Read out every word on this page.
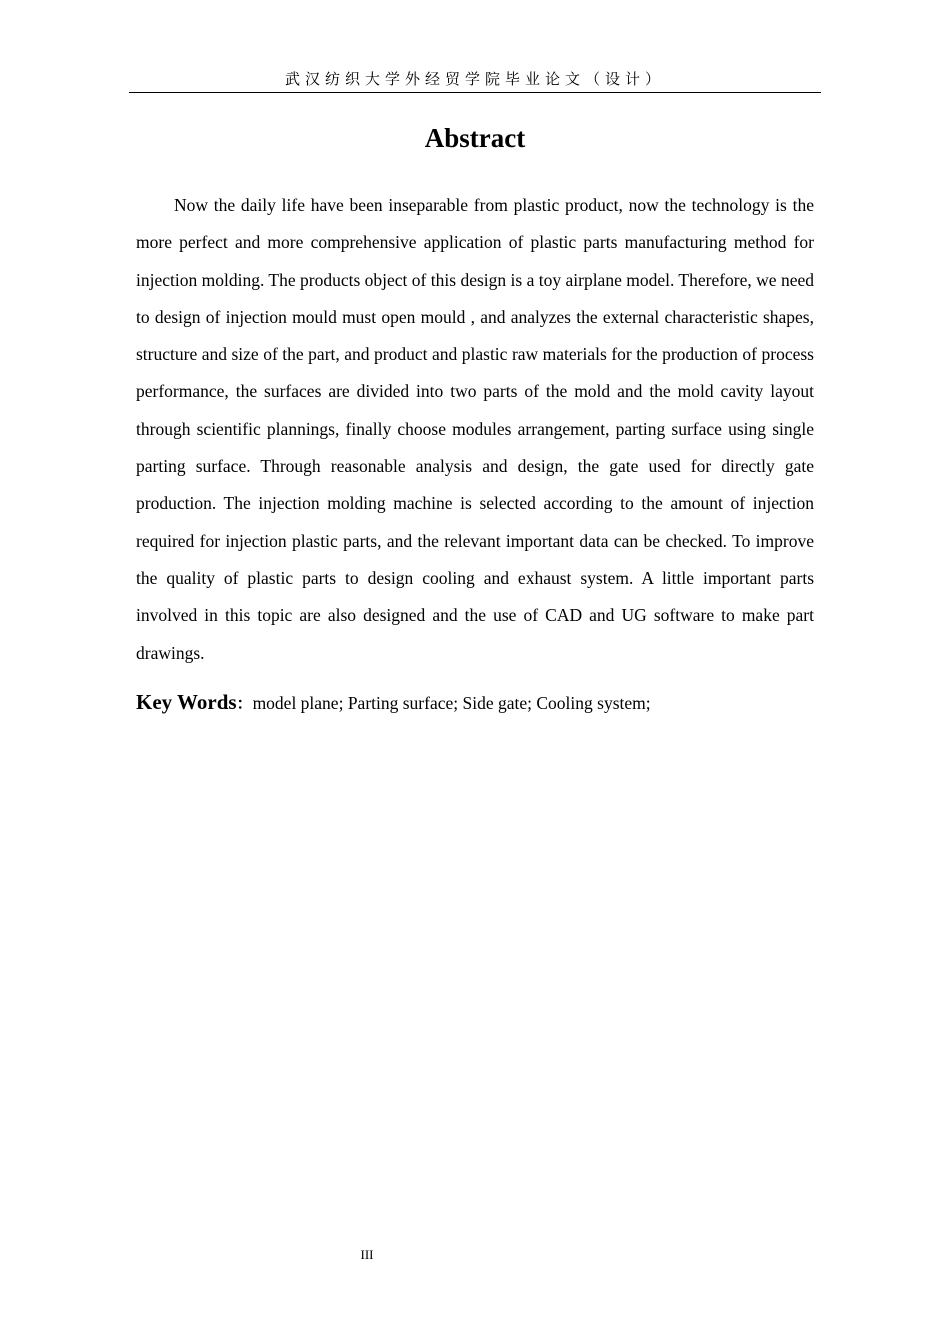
武汉纺织大学外经贸学院毕业论文（设计）
Abstract

Now the daily life have been inseparable from plastic product, now the technology is the more perfect and more comprehensive application of plastic parts manufacturing method for injection molding. The products object of this design is a toy airplane model. Therefore, we need to design of injection mould must open mould , and analyzes the external characteristic shapes, structure and size of the part, and product and plastic raw materials for the production of process performance, the surfaces are divided into two parts of the mold and the mold cavity layout through scientific plannings, finally choose modules arrangement, parting surface using single parting surface. Through reasonable analysis and design, the gate used for directly gate production. The injection molding machine is selected according to the amount of injection required for injection plastic parts, and the relevant important data can be checked. To improve the quality of plastic parts to design cooling and exhaust system. A little important parts involved in this topic are also designed and the use of CAD and UG software to make part drawings.

Key Words：model plane; Parting surface; Side gate; Cooling system;
III
